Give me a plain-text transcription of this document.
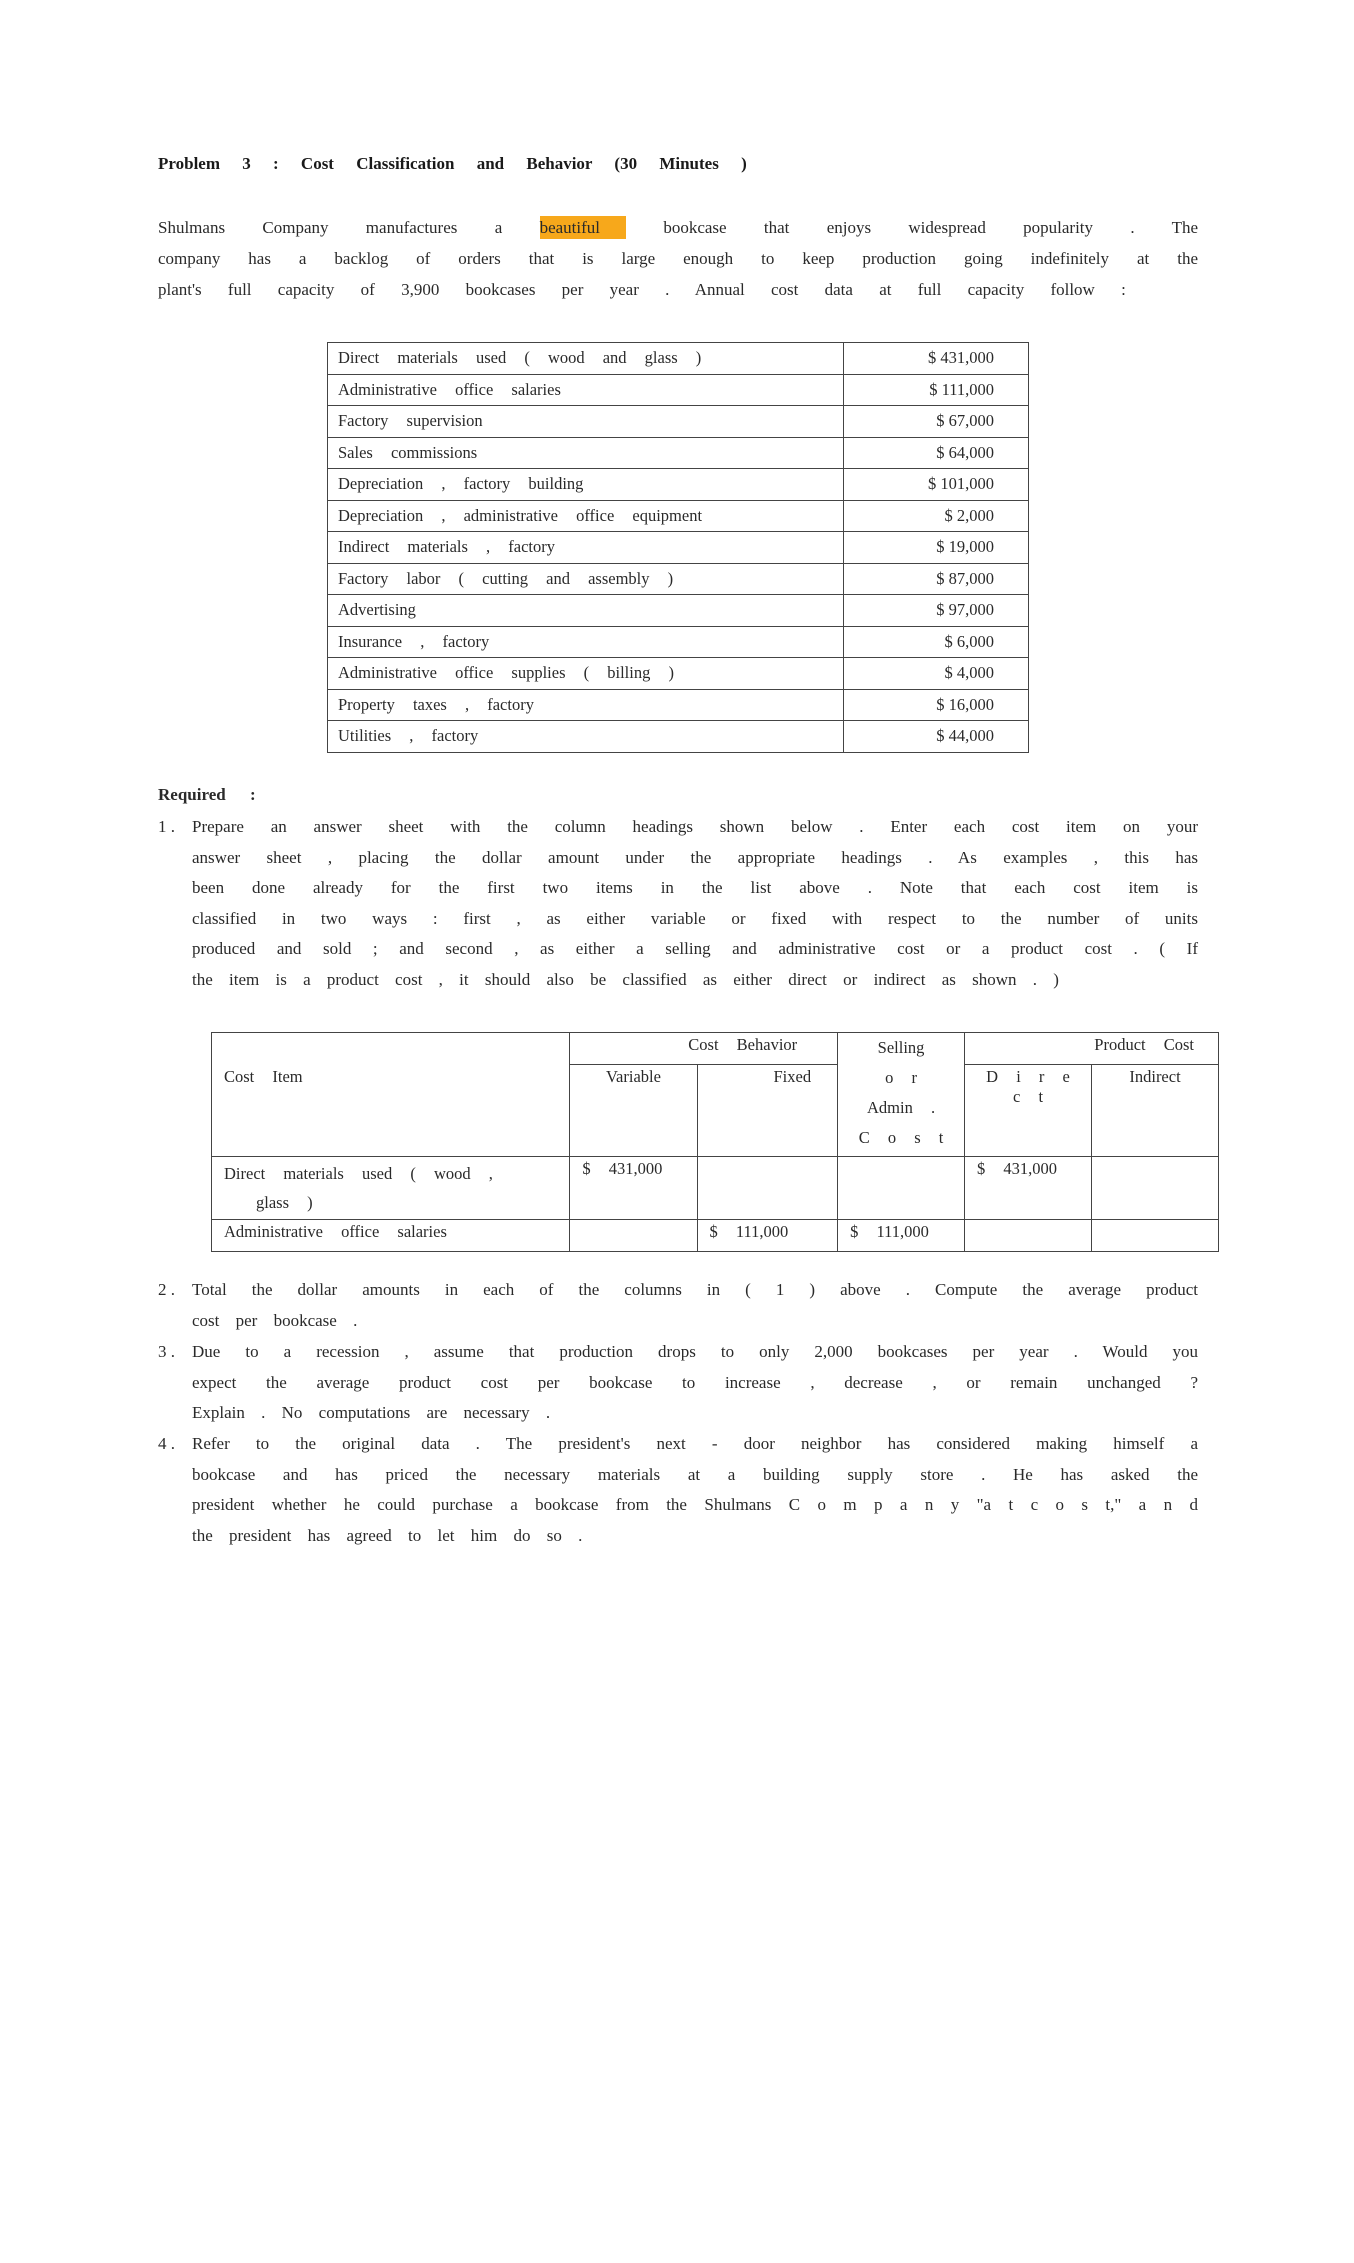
Problem 3 : Cost Classification and Behavior (30 Minutes )
Shulmans Company manufactures a beautiful	bookcase that enjoys widespread popularity . The
company has a backlog of orders that is large enough to keep production going indefinitely at the
plant's full capacity of 3,900 bookcases per year . Annual cost data at full capacity follow :
Direct materials used ( wood and glass )	$ 431,000
Administrative office salaries	$ 111,000
Factory supervision	$ 67,000
Sales commissions	$ 64,000
Depreciation , factory building	$ 101,000
Depreciation , administrative office equipment	$ 2,000
Indirect materials , factory	$ 19,000
Factory labor ( cutting and assembly )	$ 87,000
Advertising	$ 97,000
Insurance , factory	$ 6,000
Administrative office supplies ( billing )	$ 4,000
Property taxes , factory	$ 16,000
Utilities , factory	$ 44,000
Required :
1 .	Prepare an answer sheet with the column headings shown below . Enter each cost item on your
answer sheet , placing the dollar amount under the appropriate headings . As examples , this has
been done already for the first two items in the list above . Note that each cost item is
classified in two ways : first , as either variable or fixed with respect to the number of units
produced and sold ; and second , as either a selling and administrative cost or a product cost . ( If
the item is a product cost , it should also be classified as either direct or indirect as shown . )
	Cost Behavior		Selling
o r
Admin .
C o s t	Product Cost	
Cost Item	Variable	Fixed		D i r e c t	Indirect

Direct materials used ( wood ,
glass )	$ 431,000			$ 431,000	
Administrative office salaries		$ 111,000	$ 111,000		
2 .	Total the dollar amounts in each of the columns in ( 1 ) above . Compute the average product
cost per bookcase .
3 .	Due to a recession , assume that production drops to only 2,000 bookcases per year . Would you
expect the average product cost per bookcase to increase , decrease , or remain unchanged ?
Explain . No computations are necessary .
4 .	Refer to the original data . The president's next - door neighbor has considered making himself a
bookcase and has priced the necessary materials at a building supply store . He has asked the
president whether he could purchase a bookcase from the Shulmans C o m p a n y "a t c o s t," a n d
the president has agreed to let him do so .
